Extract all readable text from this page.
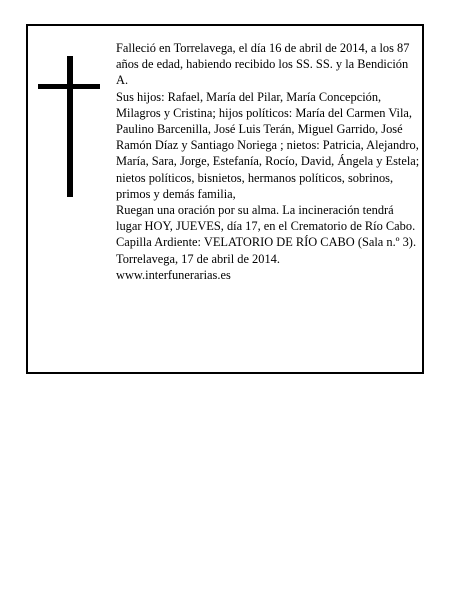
Falleció en Torrelavega, el día 16 de abril de 2014, a los 87 años de edad, habiendo recibido los SS. SS. y la Bendición A.

Sus hijos: Rafael, María del Pilar, María Concepción, Milagros y Cristina; hijos políticos: María del Carmen Vila, Paulino Barcenilla, José Luis Terán, Miguel Garrido, José Ramón Díaz y Santiago Noriega ; nietos: Patricia, Alejandro, María, Sara, Jorge, Estefanía, Rocío, David, Ángela y Estela; nietos políticos, bisnietos, hermanos políticos, sobrinos, primos y demás familia,

Ruegan una oración por su alma. La incineración tendrá lugar HOY, JUEVES, día 17, en el Crematorio de Río Cabo. Capilla Ardiente: VELATORIO DE RÍO CABO (Sala n.º 3).

Torrelavega, 17 de abril de 2014.

www.interfunerarias.es
